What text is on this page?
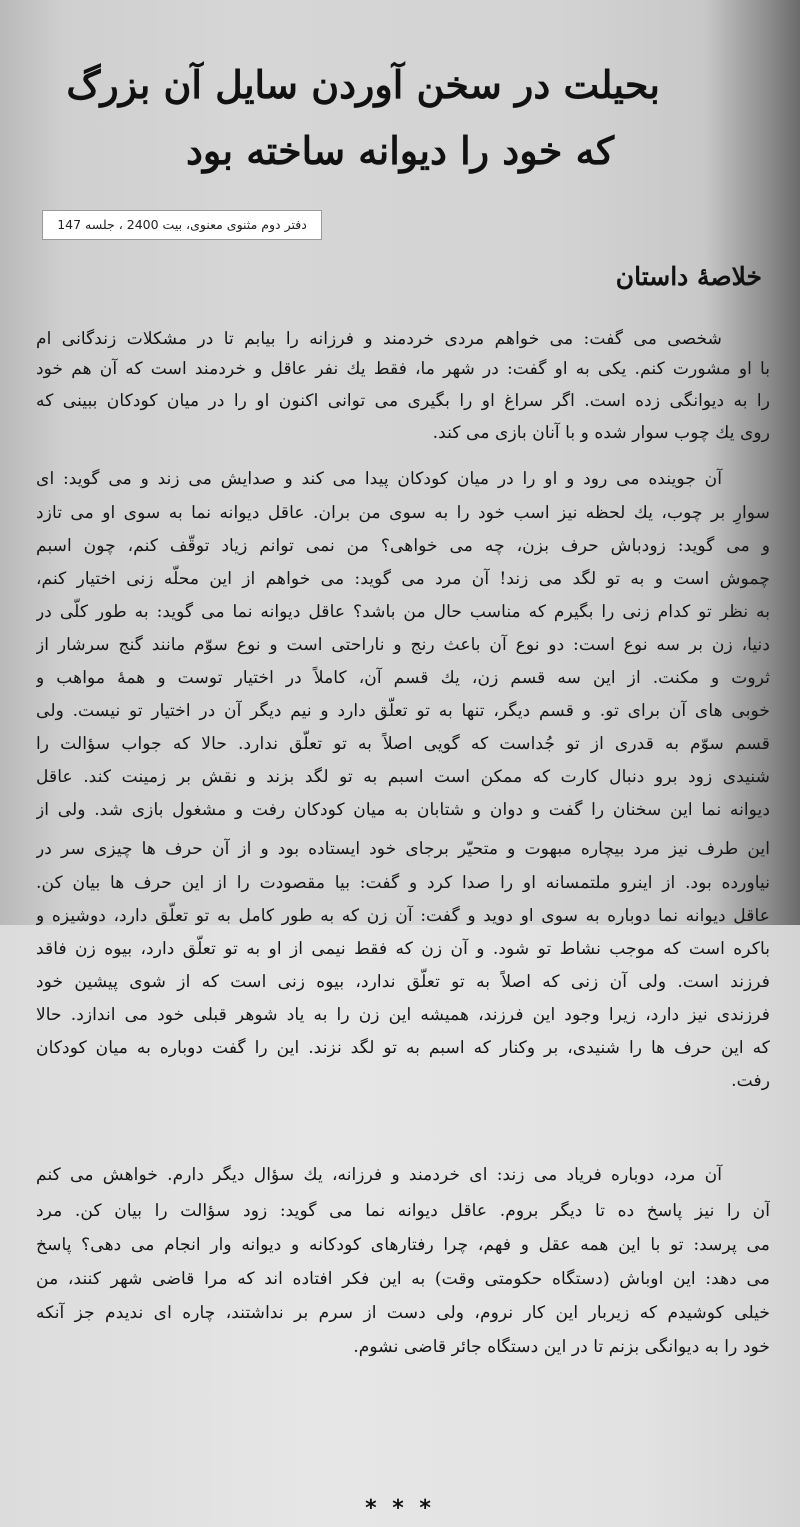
بحیلت در سخن آوردن سایل آن بزرگ
که خود را دیوانه ساخته بود
دفتر دوم مثنوی معنوی، بیت 2400 ، جلسه 147
خلاصهٔ داستان
شخصی می گفت: می خواهم مردی خردمند و فرزانه را بیابم تا در مشکلات زندگانی ام
با او مشورت کنم. یکی به او گفت: در شهر ما، فقط یك نفر عاقل و خردمند است که آن هم خود
را به دیوانگی زده است. اگر سراغ او را بگیری می توانی اکنون او را در میان کودکان ببینی که
روی یك چوب سوار شده و با آنان بازی می کند.
آن جوینده می رود و او را در میان کودکان پیدا می کند و صدایش می زند و می گوید: ای
سوارِ بر چوب، یك لحظه نیز اسب خود را به سوی من بران. عاقل دیوانه نما به سوی او می تازد
و می گوید: زودباش حرف بزن، چه می خواهی؟ من نمی توانم زیاد توقّف کنم، چون اسبم
چموش است و به تو لگد می زند! آن مرد می گوید: می خواهم از این محلّه زنی اختیار کنم،
به نظر تو کدام زنی را بگیرم که مناسب حال من باشد؟ عاقل دیوانه نما می گوید: به طور کلّی در
دنیا، زن بر سه نوع است: دو نوع آن باعث رنج و ناراحتی است و نوع سوّم مانند گنج سرشار از
ثروت و مکنت. از این سه قسم زن، یك قسم آن، کاملاً در اختیار توست و همهٔ مواهب و
خوبی های آن برای تو. و قسم دیگر، تنها به تو تعلّق دارد و نیم دیگر آن در اختیار تو نیست. ولی
قسم سوّم به قدری از تو جُداست که گویی اصلاً به تو تعلّق ندارد. حالا که جواب سؤالت را
شنیدی زود برو دنبال کارت که ممکن است اسبم به تو لگد بزند و نقش بر زمینت کند. عاقل
دیوانه نما این سخنان را گفت و دوان و شتابان به میان کودکان رفت و مشغول بازی شد. ولی از
این طرف نیز مرد بیچاره مبهوت و متحیّر برجای خود ایستاده بود و از آن حرف ها چیزی سر در
نیاورده بود. از اینرو ملتمسانه او را صدا کرد و گفت: بیا مقصودت را از این حرف ها بیان کن.
عاقل دیوانه نما دوباره به سوی او دوید و گفت: آن زن که به طور کامل به تو تعلّق دارد، دوشیزه و
باکره است که موجب نشاط تو شود. و آن زن که فقط نیمی از او به تو تعلّق دارد، بیوه زن فاقد
فرزند است. ولی آن زنی که اصلاً به تو تعلّق ندارد، بیوه زنی است که از شوی پیشین خود
فرزندی نیز دارد، زیرا وجود این فرزند، همیشه این زن را به یاد شوهر قبلی خود می اندازد. حالا
که این حرف ها را شنیدی، بر وکنار که اسبم به تو لگد نزند. این را گفت دوباره به میان کودکان
رفت.
آن مرد، دوباره فریاد می زند: ای خردمند و فرزانه، یك سؤال دیگر دارم. خواهش می کنم
آن را نیز پاسخ ده تا دیگر بروم. عاقل دیوانه نما می گوید: زود سؤالت را بیان کن. مرد
می پرسد: تو با این همه عقل و فهم، چرا رفتارهای کودکانه و دیوانه وار انجام می دهی؟ پاسخ
می دهد: این اوباش (دستگاه حکومتی وقت) به این فکر افتاده اند که مرا قاضی شهر کنند، من
خیلی کوشیدم که زیربار این کار نروم، ولی دست از سرم بر نداشتند، چاره ای ندیدم جز آنکه
خود را به دیوانگی بزنم تا در این دستگاه جائر قاضی نشوم.
* * *
